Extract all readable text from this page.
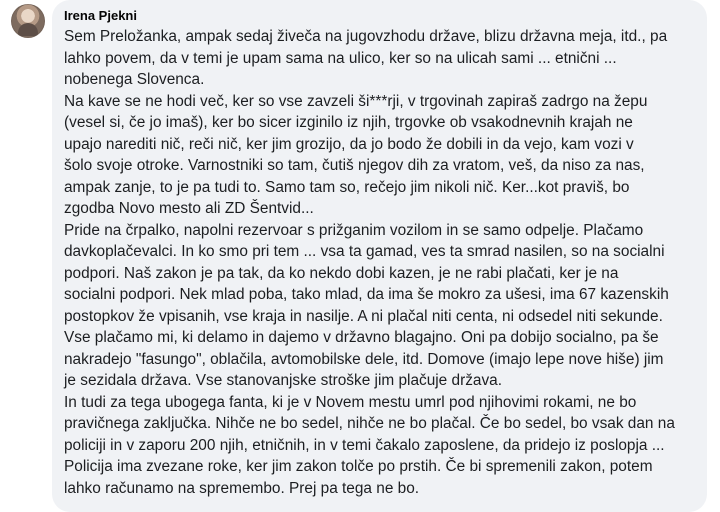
Irena Pjekni
Sem Preložanka, ampak sedaj živeča na jugovzhodu države, blizu državna meja, itd., pa
lahko povem, da v temi je upam sama na ulico, ker so na ulicah sami ... etnični ...
nobenega Slovenca.
Na kave se ne hodi več, ker so vse zavzeli ši***rji, v trgovinah zapiraš zadrgo na žepu
(vesel si, če jo imaš), ker bo sicer izginilo iz njih, trgovke ob vsakodnevnih krajah ne
upajo narediti nič, reči nič, ker jim grozijo, da jo bodo že dobili in da vejo, kam vozi v
šolo svoje otroke. Varnostniki so tam, čutiš njegov dih za vratom, veš, da niso za nas,
ampak zanje, to je pa tudi to. Samo tam so, rečejo jim nikoli nič. Ker...kot praviš, bo
zgodba Novo mesto ali ZD Šentvid...
Pride na črpalko, napolni rezervoar s prižganim vozilom in se samo odpelje. Plačamo
davkoplačevalci. In ko smo pri tem ... vsa ta gamad, ves ta smrad nasilen, so na socialni
podpori. Naš zakon je pa tak, da ko nekdo dobi kazen, je ne rabi plačati, ker je na
socialni podpori. Nek mlad poba, tako mlad, da ima še mokro za ušesi, ima 67 kazenskih
postopkov že vpisanih, vse kraja in nasilje. A ni plačal niti centa, ni odsedel niti sekunde.
Vse plačamo mi, ki delamo in dajemo v državno blagajno. Oni pa dobijo socialno, pa še
nakradejo "fasungo", oblačila, avtomobilske dele, itd. Domove (imajo lepe nove hiše) jim
je sezidala država. Vse stanovanjske stroške jim plačuje država.
In tudi za tega ubogega fanta, ki je v Novem mestu umrl pod njihovimi rokami, ne bo
pravičnega zaključka. Nihče ne bo sedel, nihče ne bo plačal. Če bo sedel, bo vsak dan na
policiji in v zaporu 200 njih, etničnih, in v temi čakalo zaposlene, da pridejo iz poslopja ...
Policija ima zvezane roke, ker jim zakon tolče po prstih. Če bi spremenili zakon, potem
lahko računamo na spremembo. Prej pa tega ne bo.
